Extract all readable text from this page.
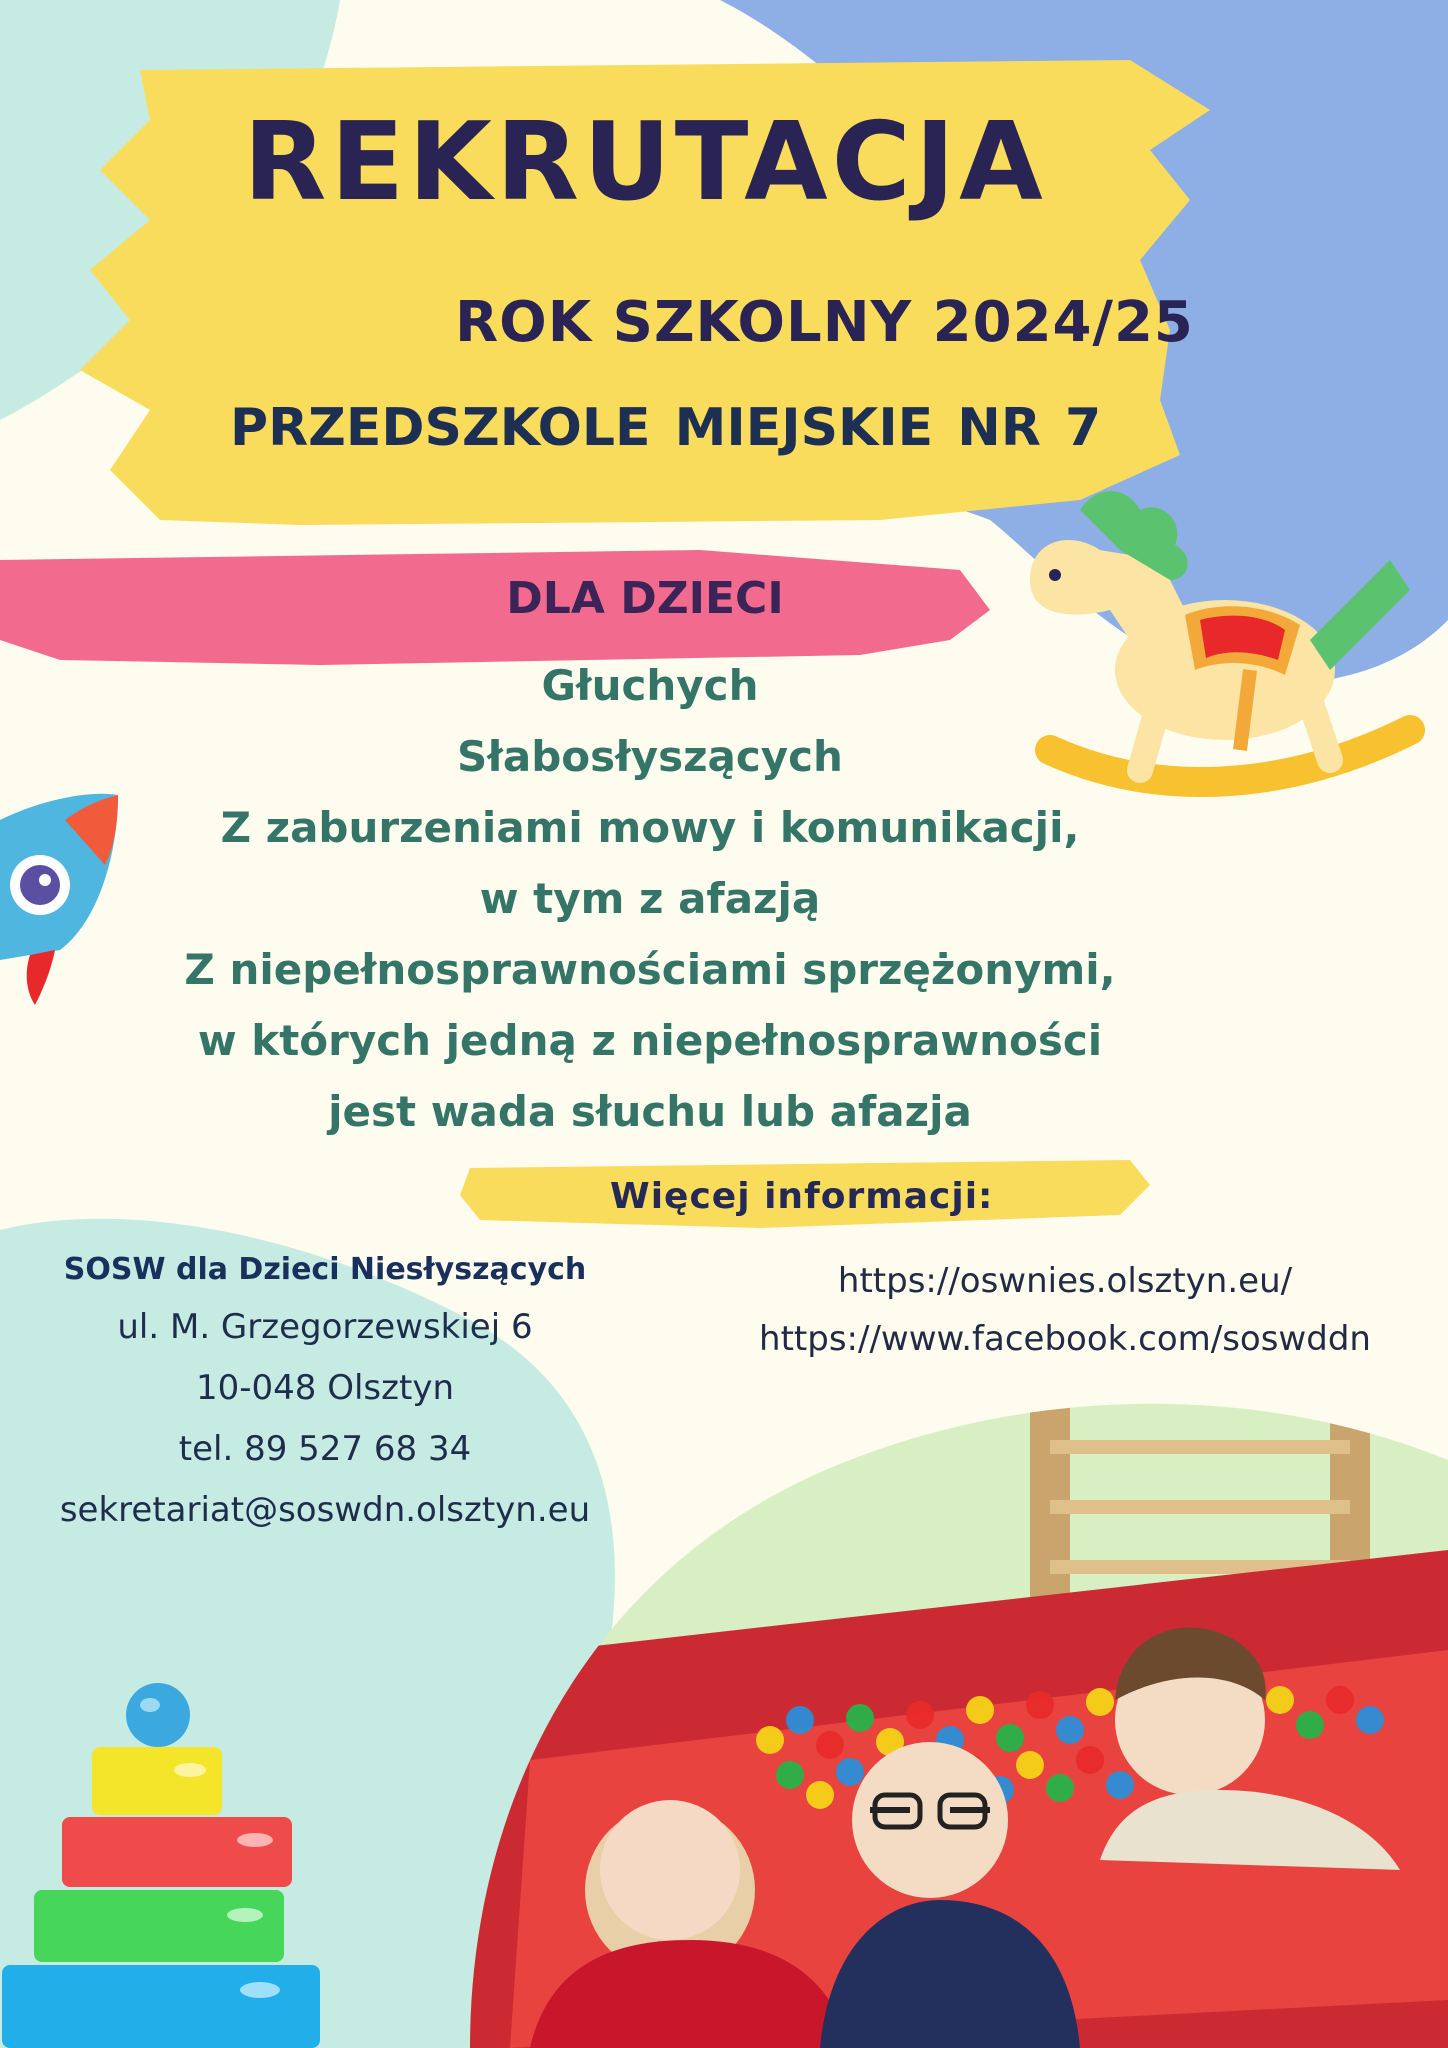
REKRUTACJA

ROK SZKOLNY 2024/25

PRZEDSZKOLE MIEJSKIE NR 7

DLA DZIECI

Głuchych
Słabosłyszących
Z zaburzeniami mowy i komunikacji,
w tym z afazją
Z niepełnosprawnościami sprzężonymi,
w których jedną z niepełnosprawności
jest wada słuchu lub afazja

Więcej informacji:

SOSW dla Dzieci Niesłyszących

ul. M. Grzegorzewskiej 6

10-048 Olsztyn

tel. 89 527 68 34

sekretariat@soswdn.olsztyn.eu

https://oswnies.olsztyn.eu/

https://www.facebook.com/soswddn
